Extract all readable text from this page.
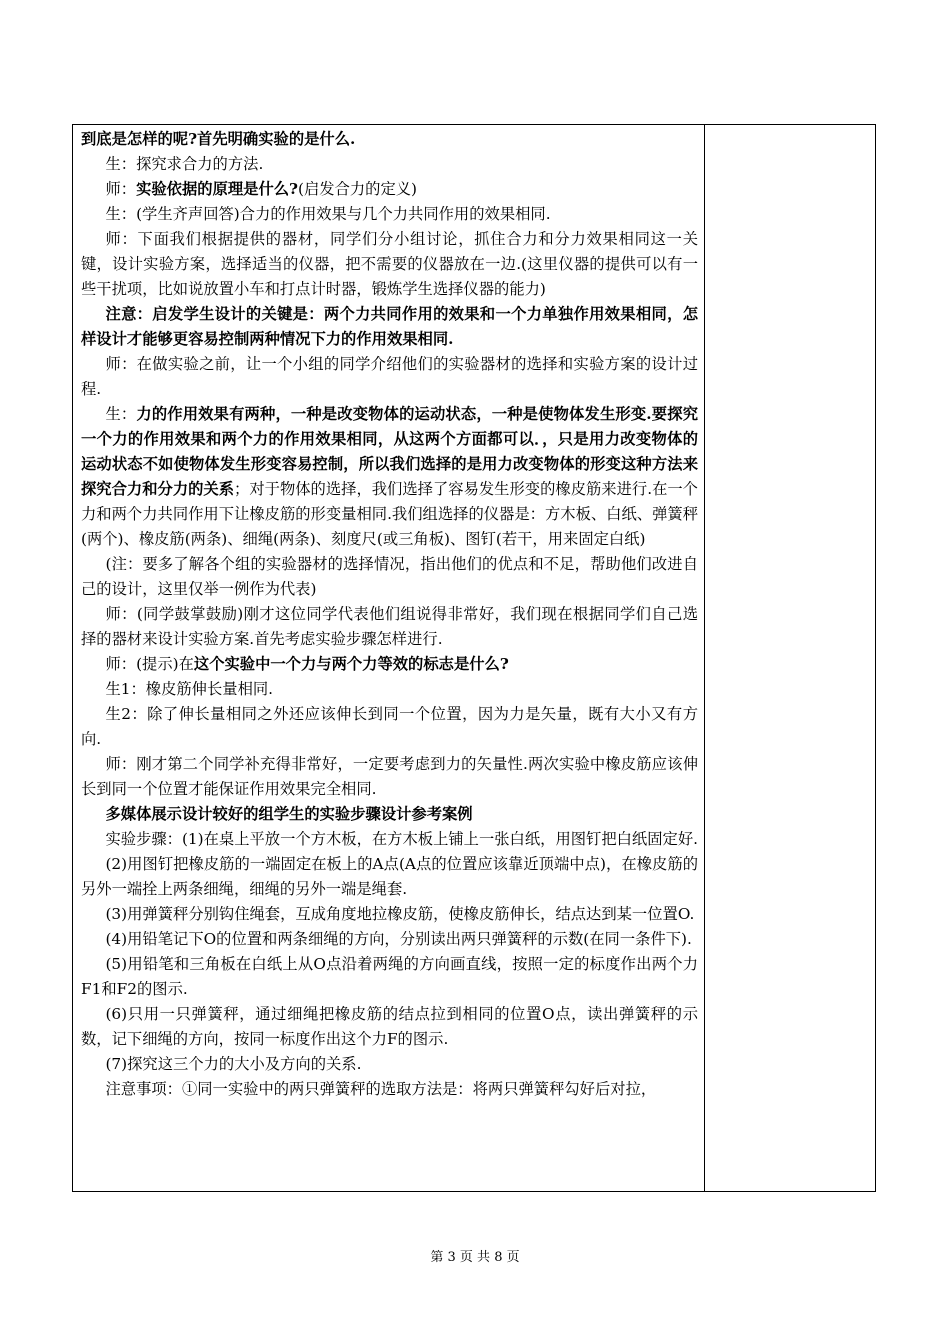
到底是怎样的呢?首先明确实验的是什么.

生：探究求合力的方法.

师：实验依据的原理是什么?(启发合力的定义)

生：(学生齐声回答)合力的作用效果与几个力共同作用的效果相同.

师：下面我们根据提供的器材，同学们分小组讨论，抓住合力和分力效果相同这一关键，设计实验方案，选择适当的仪器，把不需要的仪器放在一边.(这里仪器的提供可以有一些干扰项，比如说放置小车和打点计时器，锻炼学生选择仪器的能力)

注意：启发学生设计的关键是：两个力共同作用的效果和一个力单独作用效果相同，怎样设计才能够更容易控制两种情况下力的作用效果相同.

师：在做实验之前，让一个小组的同学介绍他们的实验器材的选择和实验方案的设计过程.

生：力的作用效果有两种，一种是改变物体的运动状态，一种是使物体发生形变.要探究一个力的作用效果和两个力的作用效果相同，从这两个方面都可以．，只是用力改变物体的运动状态不如使物体发生形变容易控制，所以我们选择的是用力改变物体的形变这种方法来探究合力和分力的关系；对于物体的选择，我们选择了容易发生形变的橡皮筋来进行.在一个力和两个力共同作用下让橡皮筋的形变量相同.我们组选择的仪器是：方木板、白纸、弹簧秤(两个)、橡皮筋(两条)、细绳(两条)、刻度尺(或三角板)、图钉(若干，用来固定白纸)

(注：要多了解各个组的实验器材的选择情况，指出他们的优点和不足，帮助他们改进自己的设计，这里仅举一例作为代表)

师：(同学鼓掌鼓励)刚才这位同学代表他们组说得非常好，我们现在根据同学们自己选择的器材来设计实验方案.首先考虑实验步骤怎样进行.

师：(提示)在这个实验中一个力与两个力等效的标志是什么?

生1：橡皮筋伸长量相同.

生2：除了伸长量相同之外还应该伸长到同一个位置，因为力是矢量，既有大小又有方向.

师：刚才第二个同学补充得非常好，一定要考虑到力的矢量性.两次实验中橡皮筋应该伸长到同一个位置才能保证作用效果完全相同.

多媒体展示设计较好的组学生的实验步骤设计参考案例

实验步骤：(1)在桌上平放一个方木板，在方木板上铺上一张白纸，用图钉把白纸固定好.

(2)用图钉把橡皮筋的一端固定在板上的A点(A点的位置应该靠近顶端中点)，在橡皮筋的另外一端拴上两条细绳，细绳的另外一端是绳套.

(3)用弹簧秤分别钩住绳套，互成角度地拉橡皮筋，使橡皮筋伸长，结点达到某一位置O.

(4)用铅笔记下O的位置和两条细绳的方向，分别读出两只弹簧秤的示数(在同一条件下).

(5)用铅笔和三角板在白纸上从O点沿着两绳的方向画直线，按照一定的标度作出两个力F1和F2的图示.

(6)只用一只弹簧秤，通过细绳把橡皮筋的结点拉到相同的位置O点，读出弹簧秤的示数，记下细绳的方向，按同一标度作出这个力F的图示.

(7)探究这三个力的大小及方向的关系.

注意事项：①同一实验中的两只弹簧秤的选取方法是：将两只弹簧秤勾好后对拉，

第 3 页 共 8 页
